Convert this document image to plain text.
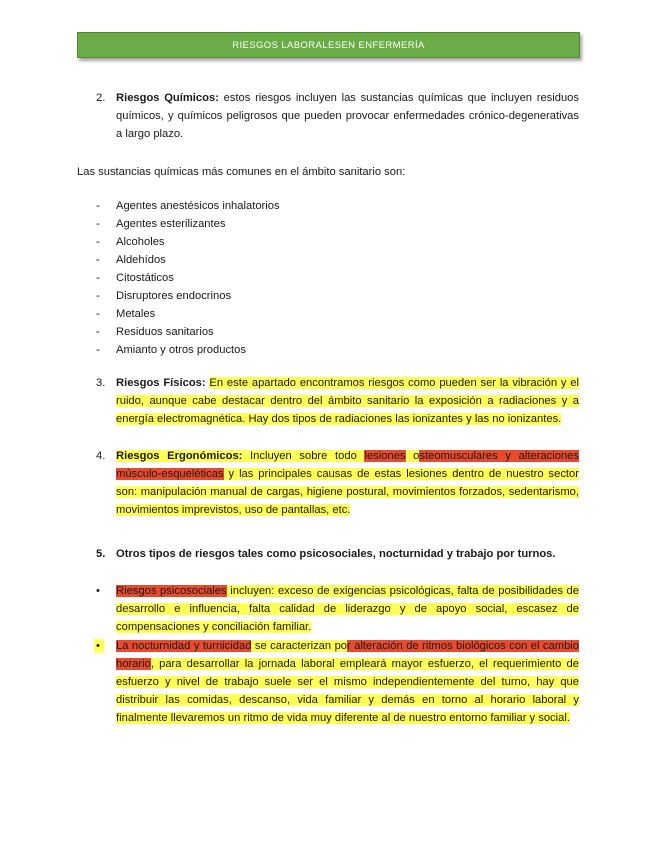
RIESGOS LABORALESEN ENFERMERÍA
2. Riesgos Químicos: estos riesgos incluyen las sustancias químicas que incluyen residuos químicos, y químicos peligrosos que pueden provocar enfermedades crónico-degenerativas a largo plazo.
Las sustancias químicas más comunes en el ámbito sanitario son:
- Agentes anestésicos inhalatorios
- Agentes esterilizantes
- Alcoholes
- Aldehídos
- Citostáticos
- Disruptores endocrinos
- Metales
- Residuos sanitarios
- Amianto y otros productos
3. Riesgos Físicos: En este apartado encontramos riesgos como pueden ser la vibración y el ruido, aunque cabe destacar dentro del ámbito sanitario la exposición a radiaciones y a energía electromagnética. Hay dos tipos de radiaciones las ionizantes y las no ionizantes.
4. Riesgos Ergonómicos: Incluyen sobre todo lesiones osteomusculares y alteraciones músculo-esqueléticas y las principales causas de estas lesiones dentro de nuestro sector son: manipulación manual de cargas, higiene postural, movimientos forzados, sedentarismo, movimientos imprevistos, uso de pantallas, etc.
5. Otros tipos de riesgos tales como psicosociales, nocturnidad y trabajo por turnos.
• Riesgos psicosociales incluyen: exceso de exigencias psicológicas, falta de posibilidades de desarrollo e influencia, falta calidad de liderazgo y de apoyo social, escasez de compensaciones y conciliación familiar.
• La nocturnidad y turnicidad se caracterizan por alteración de ritmos biológicos con el cambio horario, para desarrollar la jornada laboral empleará mayor esfuerzo, el requerimiento de esfuerzo y nivel de trabajo suele ser el mismo independientemente del turno, hay que distribuir las comidas, descanso, vida familiar y demás en torno al horario laboral y finalmente llevaremos un ritmo de vida muy diferente al de nuestro entorno familiar y social.
